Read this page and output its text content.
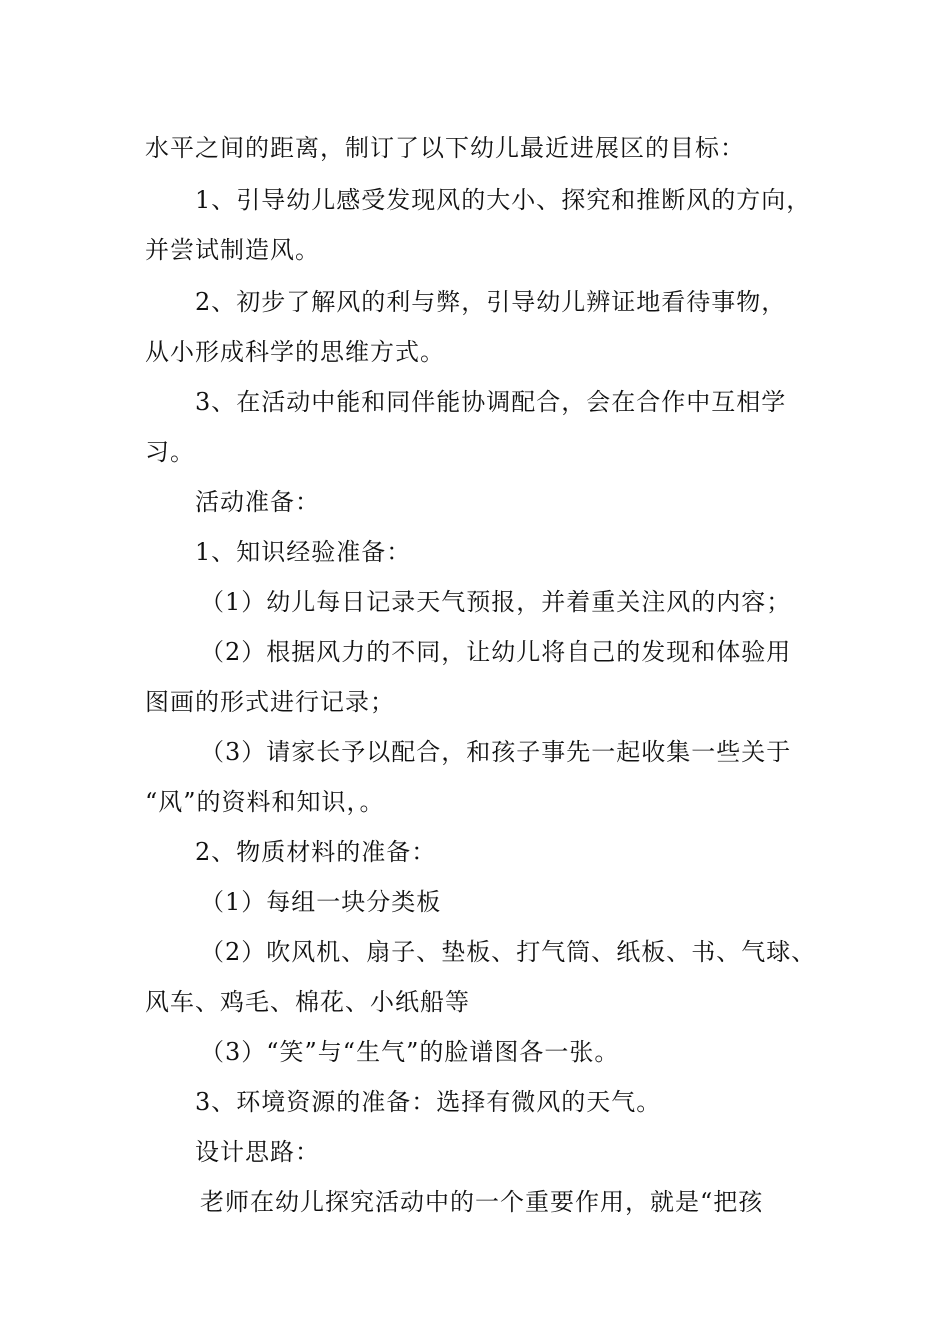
水平之间的距离，制订了以下幼儿最近进展区的目标：
1、引导幼儿感受发现风的大小、探究和推断风的方向，
并尝试制造风。
2、初步了解风的利与弊，引导幼儿辨证地看待事物，
从小形成科学的思维方式。
3、在活动中能和同伴能协调配合，会在合作中互相学
习。
活动准备：
1、知识经验准备：
（1）幼儿每日记录天气预报，并着重关注风的内容；
（2）根据风力的不同，让幼儿将自己的发现和体验用
图画的形式进行记录；
（3）请家长予以配合，和孩子事先一起收集一些关于
“风”的资料和知识，。
2、物质材料的准备：
（1）每组一块分类板
（2）吹风机、扇子、垫板、打气筒、纸板、书、气球、
风车、鸡毛、棉花、小纸船等
（3）“笑”与“生气”的脸谱图各一张。
3、环境资源的准备：选择有微风的天气。
设计思路：
老师在幼儿探究活动中的一个重要作用，就是“把孩
